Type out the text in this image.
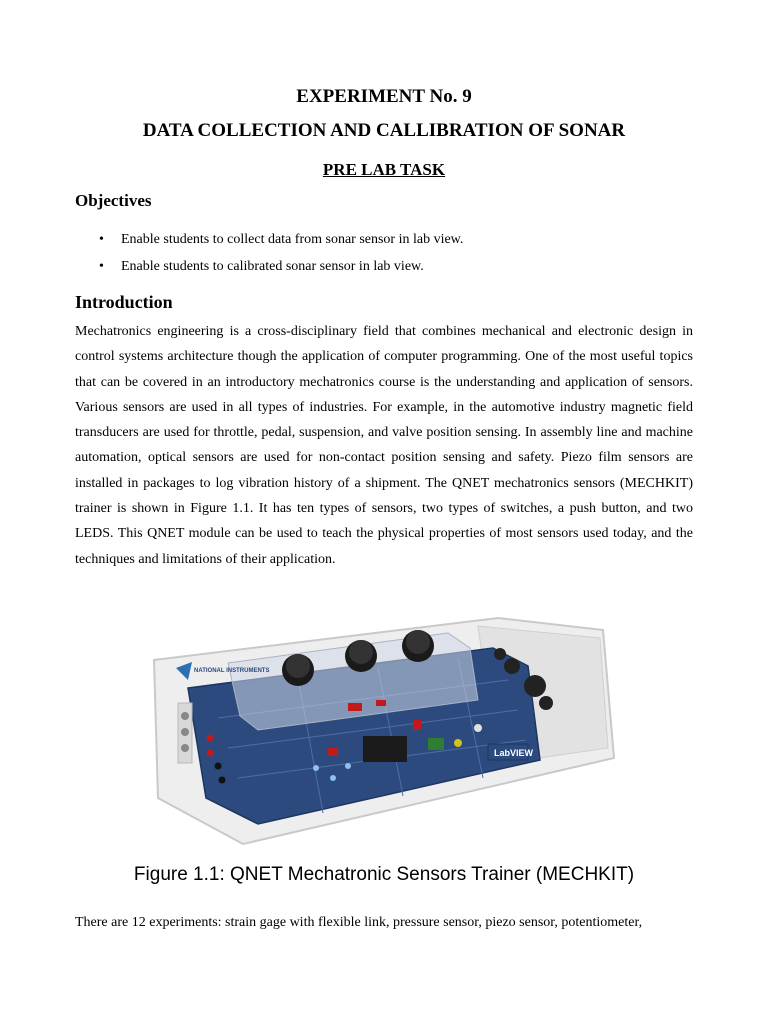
EXPERIMENT No. 9
DATA COLLECTION AND CALLIBRATION OF SONAR
PRE LAB TASK
Objectives
• Enable students to collect data from sonar sensor in lab view.
• Enable students to calibrated sonar sensor in lab view.
Introduction

Mechatronics engineering is a cross-disciplinary field that combines mechanical and electronic design in control systems architecture though the application of computer programming. One of the most useful topics that can be covered in an introductory mechatronics course is the understanding and application of sensors. Various sensors are used in all types of industries. For example, in the automotive industry magnetic field transducers are used for throttle, pedal, suspension, and valve position sensing. In assembly line and machine automation, optical sensors are used for non-contact position sensing and safety. Piezo film sensors are installed in packages to log vibration history of a shipment. The QNET mechatronics sensors (MECHKIT) trainer is shown in Figure 1.1. It has ten types of sensors, two types of switches, a push button, and two LEDS. This QNET module can be used to teach the physical properties of most sensors used today, and the techniques and limitations of their application.

NATIONAL INSTRUMENTS
LabVIEW
Figure 1.1: QNET Mechatronic Sensors Trainer (MECHKIT)
There are 12 experiments: strain gage with flexible link, pressure sensor, piezo sensor, potentiometer,
